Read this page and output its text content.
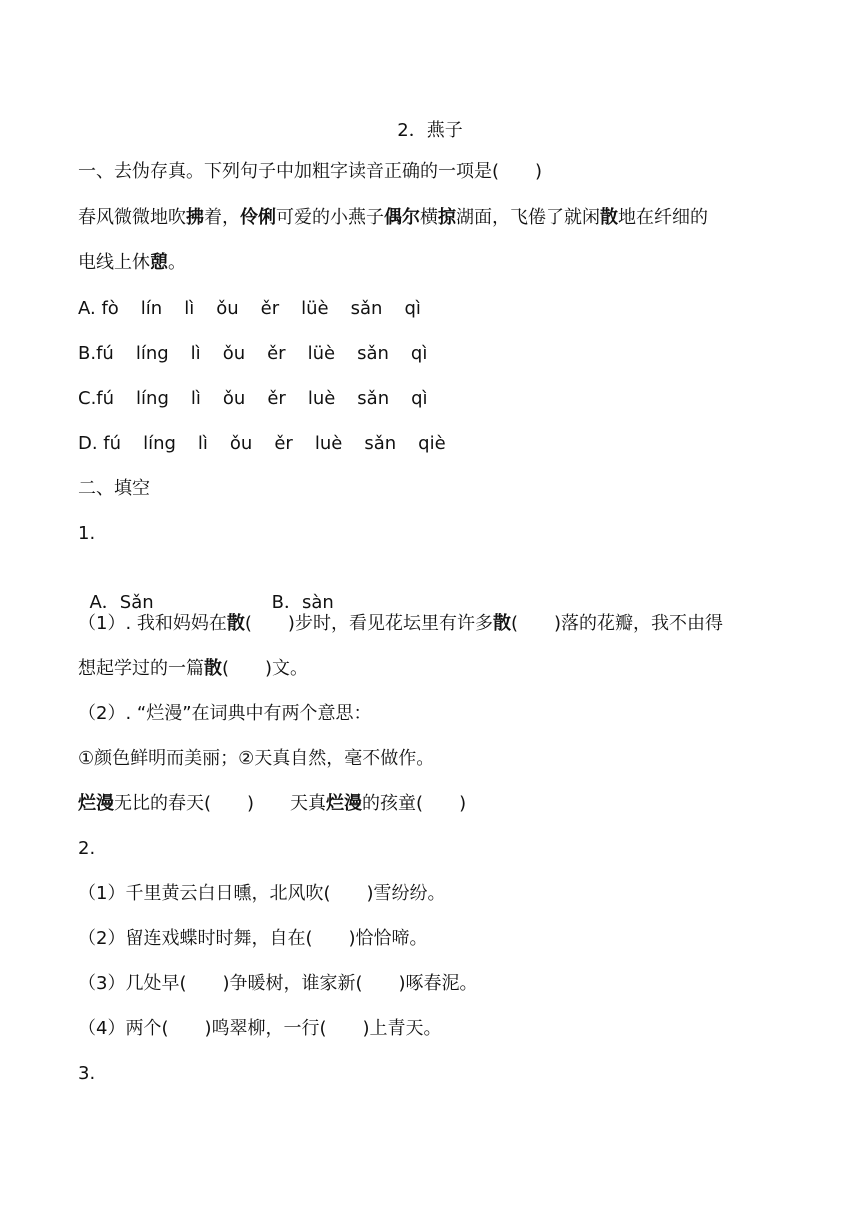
2．燕子
一、去伪存真。下列句子中加粗字读音正确的一项是(　　)
春风微微地吹拂着，伶俐可爱的小燕子偶尔横掠湖面，飞倦了就闲散地在纤细的
电线上休憩。
A. fò lín lì ǒu ěr lüè sǎn qì
B.fú líng lì ǒu ěr lüè sǎn qì
C.fú líng lì ǒu ěr luè sǎn qì
D. fú líng lì ǒu ěr luè sǎn qiè
二、填空
1.

A．Sǎn	B．sàn

（1）. 我和妈妈在散(　　)步时，看见花坛里有许多散(　　)落的花瓣，我不由得
想起学过的一篇散(　　)文。
（2）. “烂漫”在词典中有两个意思：
①颜色鲜明而美丽；②天真自然，毫不做作。
烂漫无比的春天(　　)　　天真烂漫的孩童(　　)
2.
（1）千里黄云白日曛，北风吹(　　)雪纷纷。
（2）留连戏蝶时时舞，自在(　　)恰恰啼。
（3）几处早(　　)争暖树，谁家新(　　)啄春泥。
（4）两个(　　)鸣翠柳，一行(　　)上青天。
3.
